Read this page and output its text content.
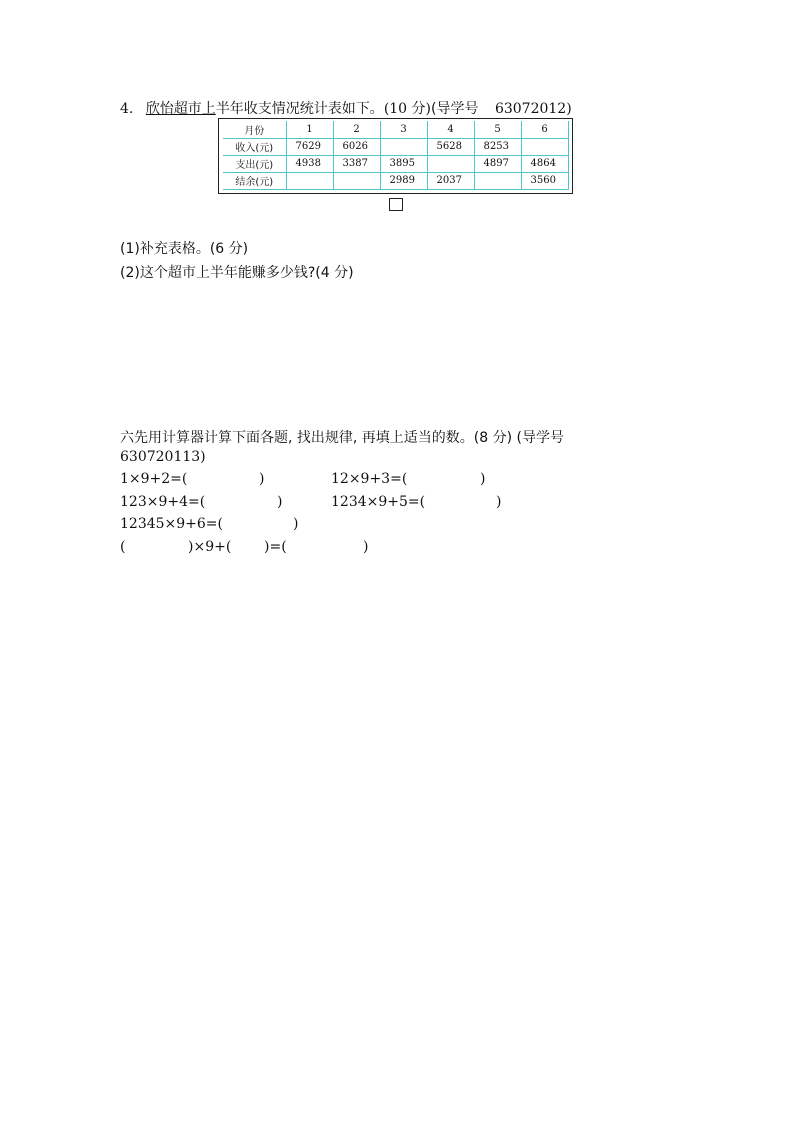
4. 欣怡超市上半年收支情况统计表如下。(10 分)(导学号 63072012)
月份	1	2	3	4	5	6
收入(元)	7629	6026		5628	8253	
支出(元)	4938	3387	3895		4897	4864
结余(元)			2989	2037		3560
(1)补充表格。(6 分)
(2)这个超市上半年能赚多少钱?(4 分)
六先用计算器计算下面各题, 找出规律, 再填上适当的数。(8 分) (导学号
630720113)
1×9+2=(	)	12×9+3=(	)
123×9+4=(	)	1234×9+5=(	)
12345×9+6=(	)
(	)×9+( )=(	)
